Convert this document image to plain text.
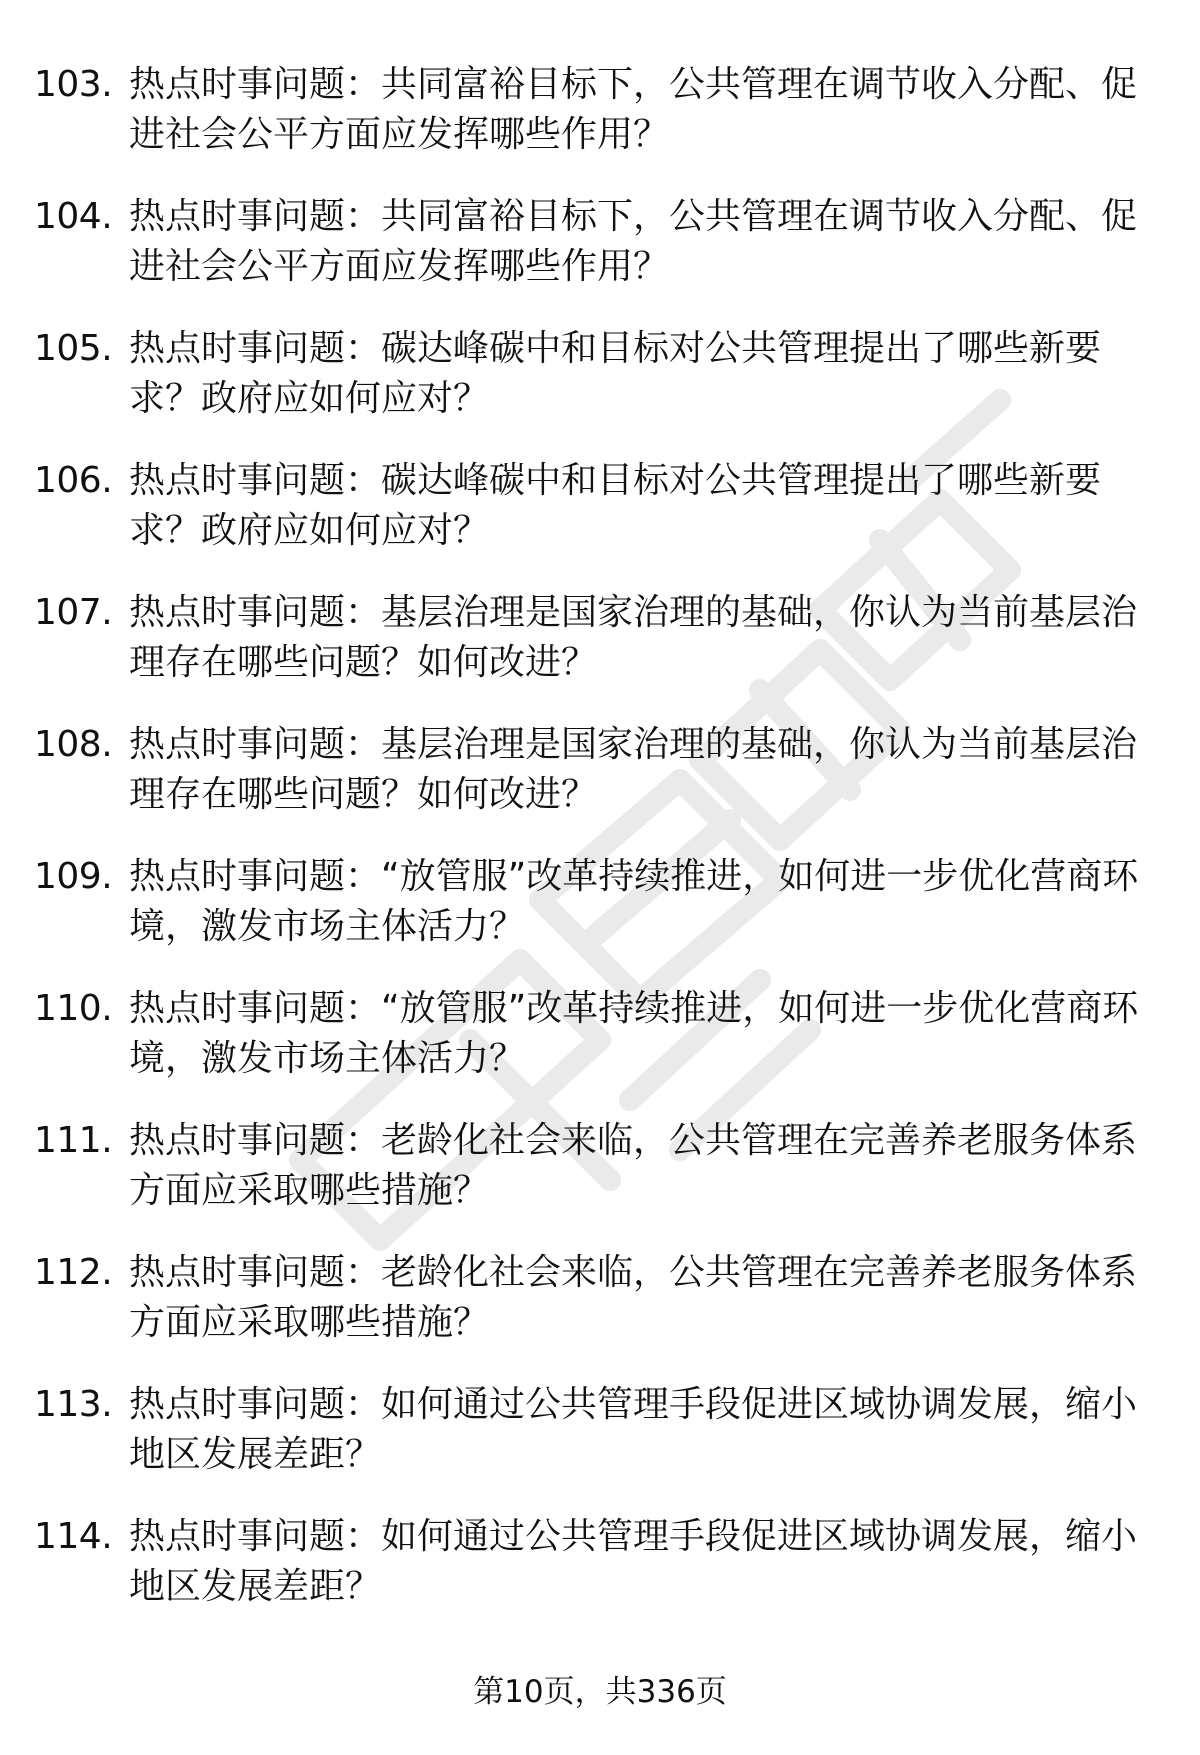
103. 热点时事问题：共同富裕目标下，公共管理在调节收入分配、促进社会公平方面应发挥哪些作用？
104. 热点时事问题：共同富裕目标下，公共管理在调节收入分配、促进社会公平方面应发挥哪些作用？
105. 热点时事问题：碳达峰碳中和目标对公共管理提出了哪些新要求？政府应如何应对？
106. 热点时事问题：碳达峰碳中和目标对公共管理提出了哪些新要求？政府应如何应对？
107. 热点时事问题：基层治理是国家治理的基础，你认为当前基层治理存在哪些问题？如何改进？
108. 热点时事问题：基层治理是国家治理的基础，你认为当前基层治理存在哪些问题？如何改进？
109. 热点时事问题：“放管服”改革持续推进，如何进一步优化营商环境，激发市场主体活力？
110. 热点时事问题：“放管服”改革持续推进，如何进一步优化营商环境，激发市场主体活力？
111. 热点时事问题：老龄化社会来临，公共管理在完善养老服务体系方面应采取哪些措施？
112. 热点时事问题：老龄化社会来临，公共管理在完善养老服务体系方面应采取哪些措施？
113. 热点时事问题：如何通过公共管理手段促进区域协调发展，缩小地区发展差距？
114. 热点时事问题：如何通过公共管理手段促进区域协调发展，缩小地区发展差距？
第10页，共336页
